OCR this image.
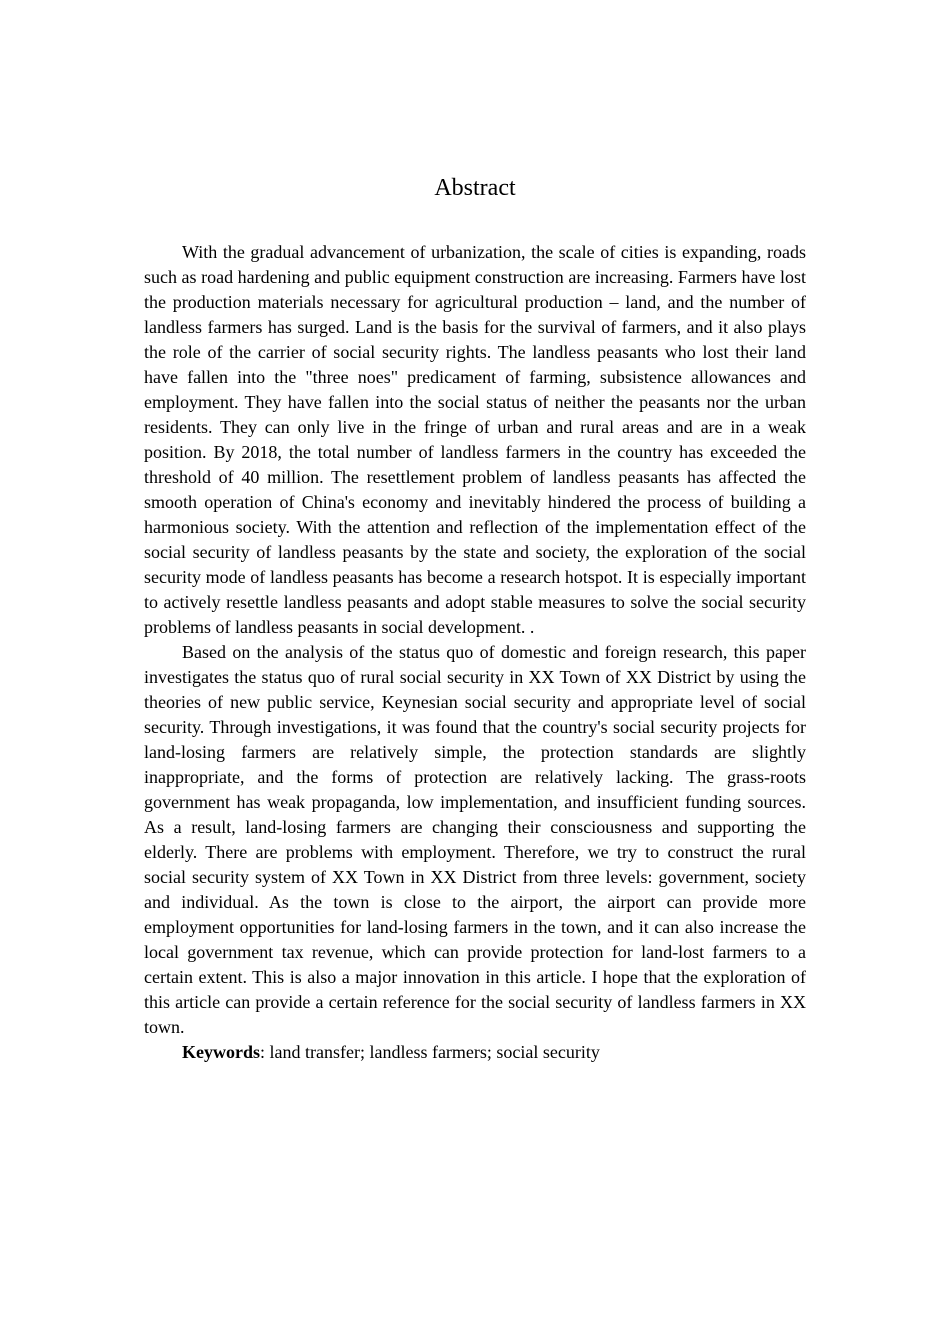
Abstract

With the gradual advancement of urbanization, the scale of cities is expanding, roads such as road hardening and public equipment construction are increasing. Farmers have lost the production materials necessary for agricultural production – land, and the number of landless farmers has surged. Land is the basis for the survival of farmers, and it also plays the role of the carrier of social security rights. The landless peasants who lost their land have fallen into the "three noes" predicament of farming, subsistence allowances and employment. They have fallen into the social status of neither the peasants nor the urban residents. They can only live in the fringe of urban and rural areas and are in a weak position. By 2018, the total number of landless farmers in the country has exceeded the threshold of 40 million. The resettlement problem of landless peasants has affected the smooth operation of China's economy and inevitably hindered the process of building a harmonious society. With the attention and reflection of the implementation effect of the social security of landless peasants by the state and society, the exploration of the social security mode of landless peasants has become a research hotspot. It is especially important to actively resettle landless peasants and adopt stable measures to solve the social security problems of landless peasants in social development. .

Based on the analysis of the status quo of domestic and foreign research, this paper investigates the status quo of rural social security in XX Town of XX District by using the theories of new public service, Keynesian social security and appropriate level of social security. Through investigations, it was found that the country's social security projects for land-losing farmers are relatively simple, the protection standards are slightly inappropriate, and the forms of protection are relatively lacking. The grass-roots government has weak propaganda, low implementation, and insufficient funding sources. As a result, land-losing farmers are changing their consciousness and supporting the elderly. There are problems with employment. Therefore, we try to construct the rural social security system of XX Town in XX District from three levels: government, society and individual. As the town is close to the airport, the airport can provide more employment opportunities for land-losing farmers in the town, and it can also increase the local government tax revenue, which can provide protection for land-lost farmers to a certain extent. This is also a major innovation in this article. I hope that the exploration of this article can provide a certain reference for the social security of landless farmers in XX town.

Keywords: land transfer; landless farmers; social security
